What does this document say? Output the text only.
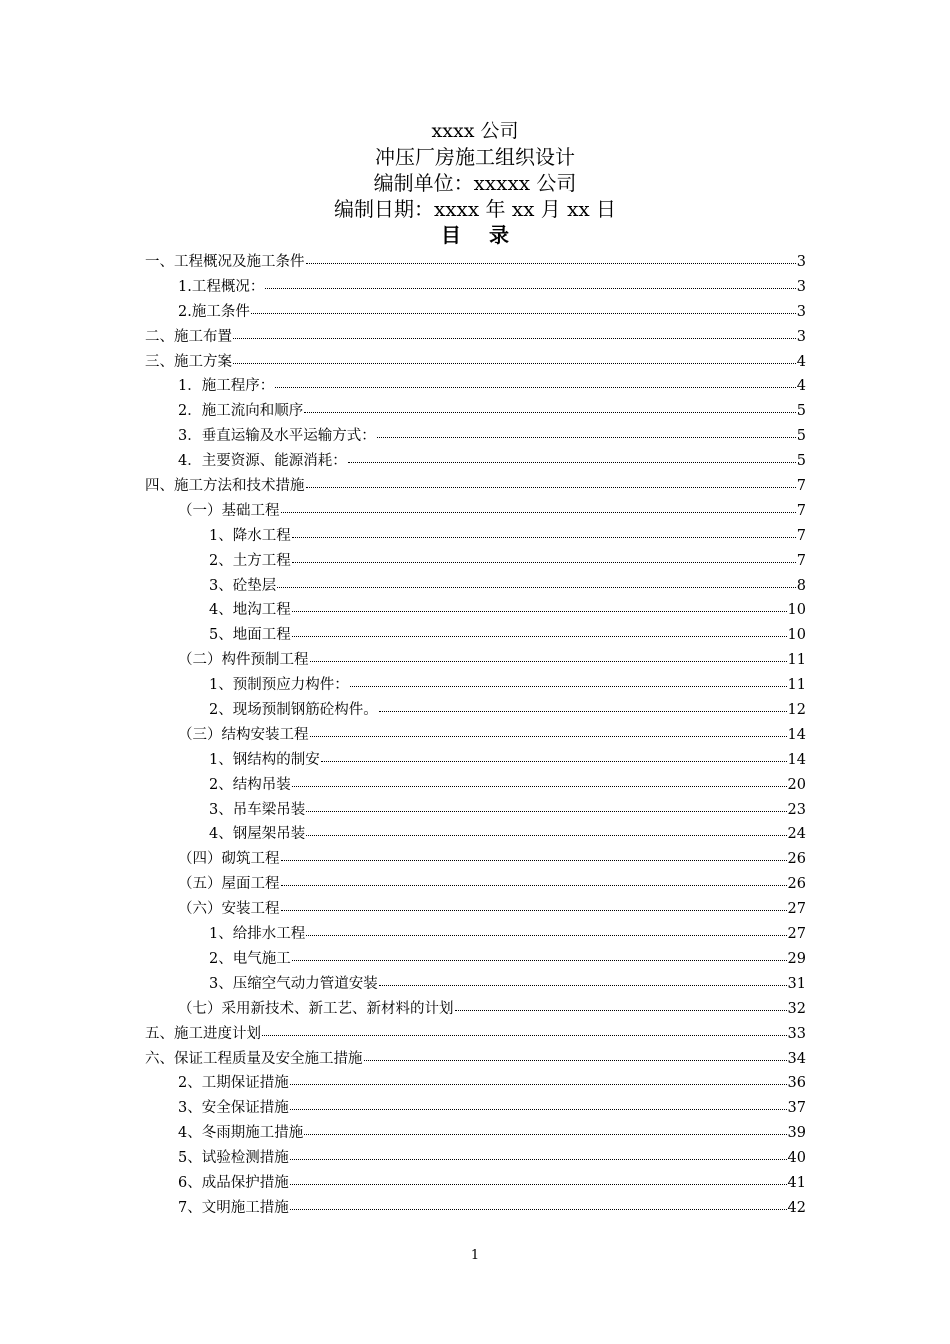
xxxx 公司
冲压厂房施工组织设计
编制单位：xxxxx 公司
编制日期：xxxx 年 xx 月 xx 日
目录
一、工程概况及施工条件	3
1.工程概况：	3
2.施工条件	3
二、施工布置	3
三、施工方案	4
1．施工程序：	4
2．施工流向和顺序	5
3．垂直运输及水平运输方式：	5
4．主要资源、能源消耗：	5
四、施工方法和技术措施	7
（一）基础工程	7
1、降水工程	7
2、土方工程	7
3、砼垫层	8
4、地沟工程	10
5、地面工程	10
（二）构件预制工程	11
1、预制预应力构件：	11
2、现场预制钢筋砼构件。	12
（三）结构安装工程	14
1、钢结构的制安	14
2、结构吊装	20
3、吊车梁吊装	23
4、钢屋架吊装	24
（四）砌筑工程	26
（五）屋面工程	26
（六）安装工程	27
1、给排水工程	27
2、电气施工	29
3、压缩空气动力管道安装	31
（七）采用新技术、新工艺、新材料的计划	32
五、施工进度计划	33
六、保证工程质量及安全施工措施	34
2、工期保证措施	36
3、安全保证措施	37
4、冬雨期施工措施	39
5、试验检测措施	40
6、成品保护措施	41
7、文明施工措施	42
1
